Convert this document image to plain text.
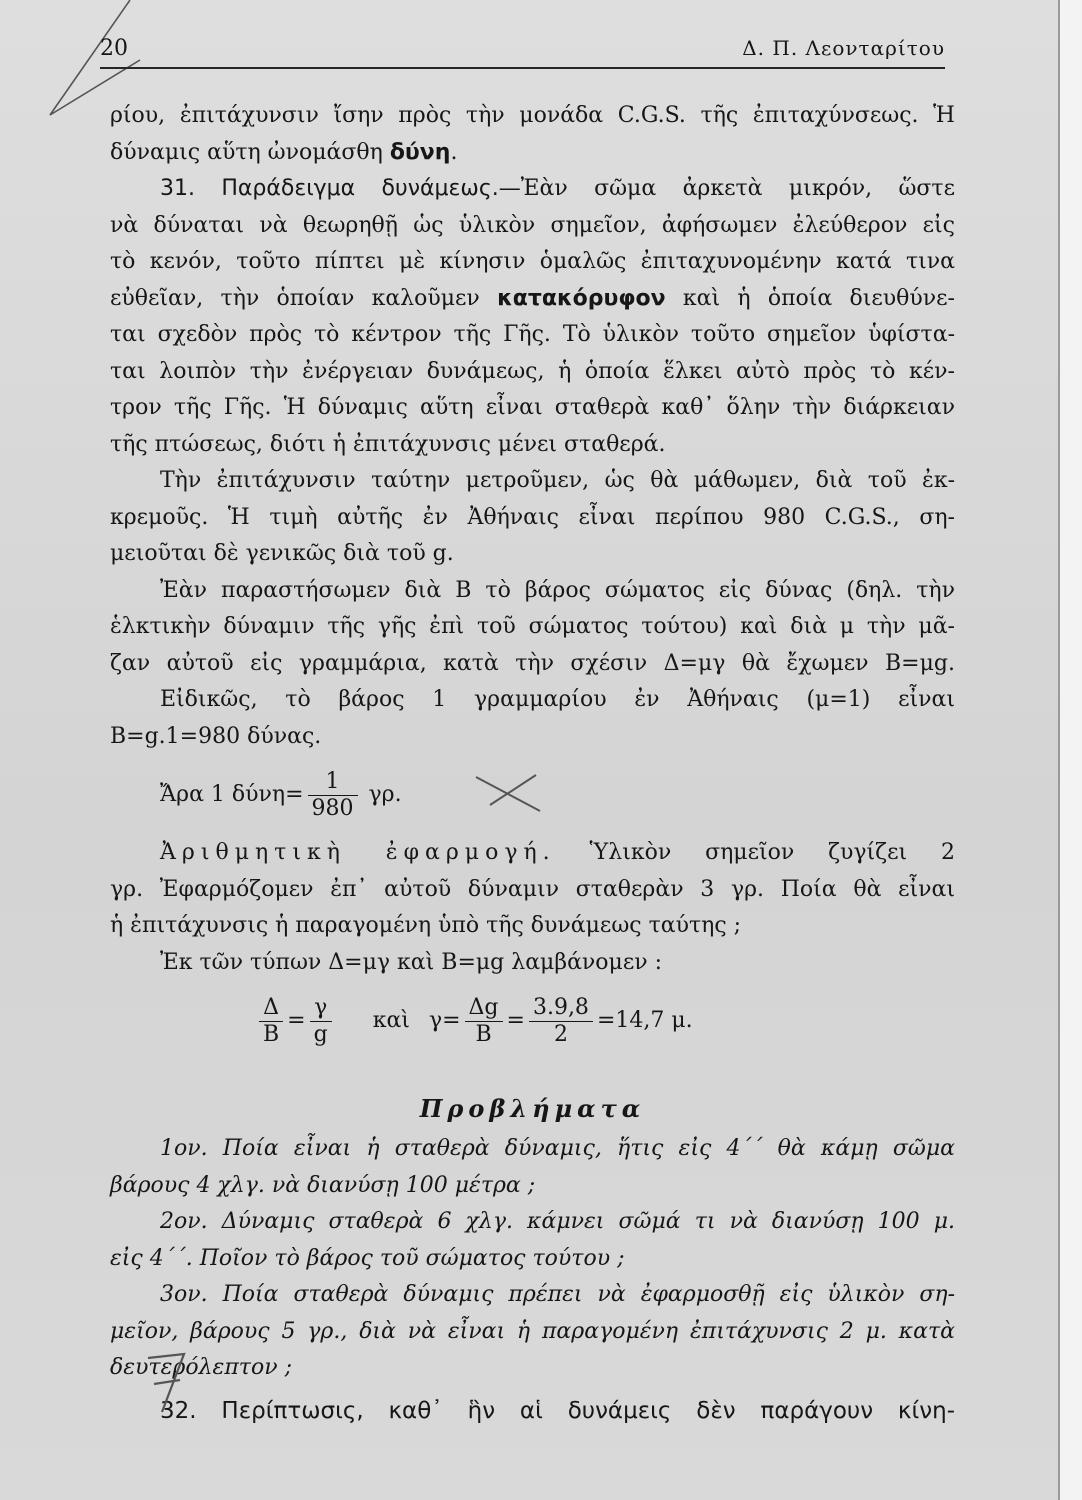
20	Δ. Π. Λεονταρίτου
ρίου, ἐπιτάχυνσιν ἴσην πρὸς τὴν μονάδα C.G.S. τῆς ἐπιταχύνσεως. Ἡ
δύναμις αὕτη ὠνομάσθη δύνη.
31. Παράδειγμα δυνάμεως.—Ἐὰν σῶμα ἀρκετὰ μικρόν, ὥστε
νὰ δύναται νὰ θεωρηθῇ ὡς ὑλικὸν σημεῖον, ἀφήσωμεν ἐλεύθερον εἰς
τὸ κενόν, τοῦτο πίπτει μὲ κίνησιν ὁμαλῶς ἐπιταχυνομένην κατά τινα
εὐθεῖαν, τὴν ὁποίαν καλοῦμεν κατακόρυφον καὶ ἡ ὁποία διευθύνε-
ται σχεδὸν πρὸς τὸ κέντρον τῆς Γῆς. Τὸ ὑλικὸν τοῦτο σημεῖον ὑφίστα-
ται λοιπὸν τὴν ἐνέργειαν δυνάμεως, ἡ ὁποία ἕλκει αὐτὸ πρὸς τὸ κέν-
τρον τῆς Γῆς. Ἡ δύναμις αὕτη εἶναι σταθερὰ καθ᾽ ὅλην τὴν διάρκειαν
τῆς πτώσεως, διότι ἡ ἐπιτάχυνσις μένει σταθερά.
Τὴν ἐπιτάχυνσιν ταύτην μετροῦμεν, ὡς θὰ μάθωμεν, διὰ τοῦ ἐκ-
κρεμοῦς. Ἡ τιμὴ αὐτῆς ἐν Ἀθήναις εἶναι περίπου 980 C.G.S., ση-
μειοῦται δὲ γενικῶς διὰ τοῦ g.
Ἐὰν παραστήσωμεν διὰ B τὸ βάρος σώματος εἰς δύνας (δηλ. τὴν
ἑλκτικὴν δύναμιν τῆς γῆς ἐπὶ τοῦ σώματος τούτου) καὶ διὰ μ τὴν μᾶ-
ζαν αὐτοῦ εἰς γραμμάρια, κατὰ τὴν σχέσιν Δ=μγ θὰ ἔχωμεν B=μg.
Εἰδικῶς, τὸ βάρος 1 γραμμαρίου ἐν Ἀθήναις (μ=1) εἶναι
B=g.1=980 δύνας.
Ἄρα 1 $\delta ύ\nu\eta= \frac{1}{980} \gamma\rho$.
Ἀριθμητικὴ ἐφαρμογή. Ὑλικὸν σημεῖον ζυγίζει 2
γρ. Ἐφαρμόζομεν ἐπ᾽ αὐτοῦ δύναμιν σταθερὰν 3 γρ. Ποία θὰ εἶναι
ἡ ἐπιτάχυνσις ἡ παραγομένη ὑπὸ τῆς δυνάμεως ταύτης ;
Ἐκ τῶν τύπων Δ=μγ καὶ B=μg λαμβάνομεν :
$\frac{\Delta}{B} = \frac{\gamma}{g}$ καὶ $\gamma= \frac{\Delta g}{B} = \frac{3.9,8}{2} =14,7$ μ.
Προβλήματα
1ον. Ποία εἶναι ἡ σταθερὰ δύναμις, ἥτις εἰς 4΄΄ θὰ κάμῃ σῶμα
βάρους 4 χλγ. νὰ διανύσῃ 100 μέτρα ;
2ον. Δύναμις σταθερὰ 6 χλγ. κάμνει σῶμά τι νὰ διανύσῃ 100 μ.
εἰς 4΄΄. Ποῖον τὸ βάρος τοῦ σώματος τούτου ;
3ον. Ποία σταθερὰ δύναμις πρέπει νὰ ἐφαρμοσθῇ εἰς ὑλικὸν ση-
μεῖον, βάρους 5 γρ., διὰ νὰ εἶναι ἡ παραγομένη ἐπιτάχυνσις 2 μ. κατὰ
δευτερόλεπτον ;
32. Περίπτωσις, καθ᾽ ἣν αἱ δυνάμεις δὲν παράγουν κίνη-
